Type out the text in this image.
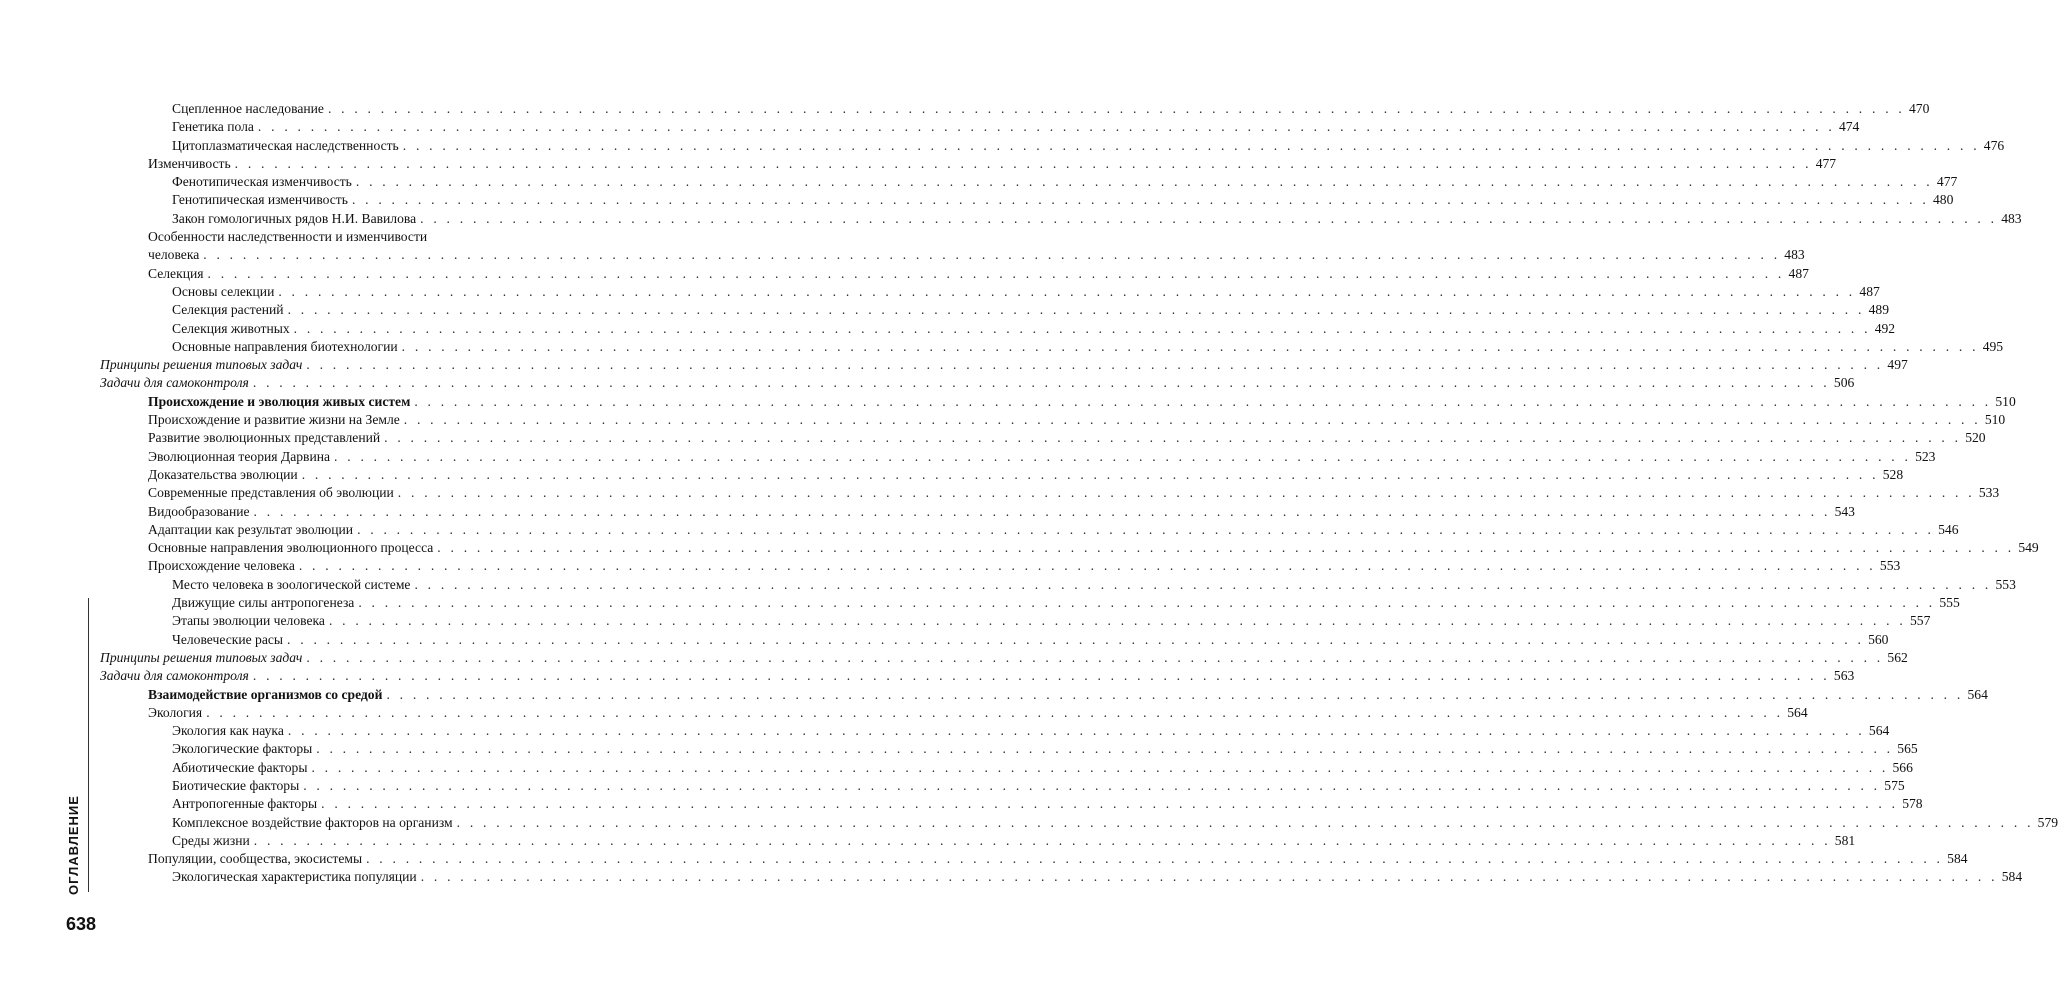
Сцепленное наследование . . . . . . . . . . . . . . . . . . . . . . . . . . . . . . . . . . . . . . . . . . . . . . . . . . . . . . . . . . . . . . . . . . . . . . . . . . . . . . . . . . . . . . . . . . . . . . . . . . . . . . . . . . . . . . . . . . . . . . . . 470
Генетика пола . . . . . . . . . . . . . . . . . . . . . . . . . . . . . . . . . . . . . . . . . . . . . . . . . . . . . . . . . . . . . . . . . . . . . . . . . . . . . . . . . . . . . . . . . . . . . . . . . . . . . . . . . . . . . . . . . . . . . . . . 474
Цитоплазматическая наследственность . . . . . . . . . . . . . . . . . . . . . . . . . . . . . . . . . . . . . . . . . . . . . . . . . . . . . . . . . . . . . . . . . . . . . . . . . . . . . . . . . . . . . . . . . . . . . . . . . . . . . . . . . . . . . . . . . . . . . . . . 476
Изменчивость . . . . . . . . . . . . . . . . . . . . . . . . . . . . . . . . . . . . . . . . . . . . . . . . . . . . . . . . . . . . . . . . . . . . . . . . . . . . . . . . . . . . . . . . . . . . . . . . . . . . . . . . . . . . . . . . . . . . . . . . 477
Фенотипическая изменчивость . . . . . . . . . . . . . . . . . . . . . . . . . . . . . . . . . . . . . . . . . . . . . . . . . . . . . . . . . . . . . . . . . . . . . . . . . . . . . . . . . . . . . . . . . . . . . . . . . . . . . . . . . . . . . . . . . . . . . . . . 477
Генотипическая изменчивость . . . . . . . . . . . . . . . . . . . . . . . . . . . . . . . . . . . . . . . . . . . . . . . . . . . . . . . . . . . . . . . . . . . . . . . . . . . . . . . . . . . . . . . . . . . . . . . . . . . . . . . . . . . . . . . . . . . . . . . . 480
Закон гомологичных рядов Н.И. Вавилова . . . . . . . . . . . . . . . . . . . . . . . . . . . . . . . . . . . . . . . . . . . . . . . . . . . . . . . . . . . . . . . . . . . . . . . . . . . . . . . . . . . . . . . . . . . . . . . . . . . . . . . . . . . . . . . . . . . . . . . . 483
Особенности наследственности и изменчивости
человека . . . . . . . . . . . . . . . . . . . . . . . . . . . . . . . . . . . . . . . . . . . . . . . . . . . . . . . . . . . . . . . . . . . . . . . . . . . . . . . . . . . . . . . . . . . . . . . . . . . . . . . . . . . . . . . . . . . . . . . . 483
Селекция . . . . . . . . . . . . . . . . . . . . . . . . . . . . . . . . . . . . . . . . . . . . . . . . . . . . . . . . . . . . . . . . . . . . . . . . . . . . . . . . . . . . . . . . . . . . . . . . . . . . . . . . . . . . . . . . . . . . . . . . 487
Основы селекции . . . . . . . . . . . . . . . . . . . . . . . . . . . . . . . . . . . . . . . . . . . . . . . . . . . . . . . . . . . . . . . . . . . . . . . . . . . . . . . . . . . . . . . . . . . . . . . . . . . . . . . . . . . . . . . . . . . . . . . . 487
Селекция растений . . . . . . . . . . . . . . . . . . . . . . . . . . . . . . . . . . . . . . . . . . . . . . . . . . . . . . . . . . . . . . . . . . . . . . . . . . . . . . . . . . . . . . . . . . . . . . . . . . . . . . . . . . . . . . . . . . . . . . . . 489
Селекция животных . . . . . . . . . . . . . . . . . . . . . . . . . . . . . . . . . . . . . . . . . . . . . . . . . . . . . . . . . . . . . . . . . . . . . . . . . . . . . . . . . . . . . . . . . . . . . . . . . . . . . . . . . . . . . . . . . . . . . . . . 492
Основные направления биотехнологии . . . . . . . . . . . . . . . . . . . . . . . . . . . . . . . . . . . . . . . . . . . . . . . . . . . . . . . . . . . . . . . . . . . . . . . . . . . . . . . . . . . . . . . . . . . . . . . . . . . . . . . . . . . . . . . . . . . . . . . . 495
Принципы решения типовых задач . . . . . . . . . . . . . . . . . . . . . . . . . . . . . . . . . . . . . . . . . . . . . . . . . . . . . . . . . . . . . . . . . . . . . . . . . . . . . . . . . . . . . . . . . . . . . . . . . . . . . . . . . . . . . . . . . . . . . . . . 497
Задачи для самоконтроля . . . . . . . . . . . . . . . . . . . . . . . . . . . . . . . . . . . . . . . . . . . . . . . . . . . . . . . . . . . . . . . . . . . . . . . . . . . . . . . . . . . . . . . . . . . . . . . . . . . . . . . . . . . . . . . . . . . . . . . . 506
Происхождение и эволюция живых систем . . . . . . . . . . . . . . . . . . . . . . . . . . . . . . . . . . . . . . . . . . . . . . . . . . . . . . . . . . . . . . . . . . . . . . . . . . . . . . . . . . . . . . . . . . . . . . . . . . . . . . . . . . . . . . . . . . . . . . . . 510
Происхождение и развитие жизни на Земле . . . . . . . . . . . . . . . . . . . . . . . . . . . . . . . . . . . . . . . . . . . . . . . . . . . . . . . . . . . . . . . . . . . . . . . . . . . . . . . . . . . . . . . . . . . . . . . . . . . . . . . . . . . . . . . . . . . . . . . . 510
Развитие эволюционных представлений . . . . . . . . . . . . . . . . . . . . . . . . . . . . . . . . . . . . . . . . . . . . . . . . . . . . . . . . . . . . . . . . . . . . . . . . . . . . . . . . . . . . . . . . . . . . . . . . . . . . . . . . . . . . . . . . . . . . . . . . 520
Эволюционная теория Дарвина . . . . . . . . . . . . . . . . . . . . . . . . . . . . . . . . . . . . . . . . . . . . . . . . . . . . . . . . . . . . . . . . . . . . . . . . . . . . . . . . . . . . . . . . . . . . . . . . . . . . . . . . . . . . . . . . . . . . . . . . 523
Доказательства эволюции . . . . . . . . . . . . . . . . . . . . . . . . . . . . . . . . . . . . . . . . . . . . . . . . . . . . . . . . . . . . . . . . . . . . . . . . . . . . . . . . . . . . . . . . . . . . . . . . . . . . . . . . . . . . . . . . . . . . . . . . 528
Современные представления об эволюции . . . . . . . . . . . . . . . . . . . . . . . . . . . . . . . . . . . . . . . . . . . . . . . . . . . . . . . . . . . . . . . . . . . . . . . . . . . . . . . . . . . . . . . . . . . . . . . . . . . . . . . . . . . . . . . . . . . . . . . . 533
Видообразование . . . . . . . . . . . . . . . . . . . . . . . . . . . . . . . . . . . . . . . . . . . . . . . . . . . . . . . . . . . . . . . . . . . . . . . . . . . . . . . . . . . . . . . . . . . . . . . . . . . . . . . . . . . . . . . . . . . . . . . . 543
Адаптации как результат эволюции . . . . . . . . . . . . . . . . . . . . . . . . . . . . . . . . . . . . . . . . . . . . . . . . . . . . . . . . . . . . . . . . . . . . . . . . . . . . . . . . . . . . . . . . . . . . . . . . . . . . . . . . . . . . . . . . . . . . . . . . 546
Основные направления эволюционного процесса . . . . . . . . . . . . . . . . . . . . . . . . . . . . . . . . . . . . . . . . . . . . . . . . . . . . . . . . . . . . . . . . . . . . . . . . . . . . . . . . . . . . . . . . . . . . . . . . . . . . . . . . . . . . . . . . . . . . . . . . 549
Происхождение человека . . . . . . . . . . . . . . . . . . . . . . . . . . . . . . . . . . . . . . . . . . . . . . . . . . . . . . . . . . . . . . . . . . . . . . . . . . . . . . . . . . . . . . . . . . . . . . . . . . . . . . . . . . . . . . . . . . . . . . . . 553
Место человека в зоологической системе . . . . . . . . . . . . . . . . . . . . . . . . . . . . . . . . . . . . . . . . . . . . . . . . . . . . . . . . . . . . . . . . . . . . . . . . . . . . . . . . . . . . . . . . . . . . . . . . . . . . . . . . . . . . . . . . . . . . . . . . 553
Движущие силы антропогенеза . . . . . . . . . . . . . . . . . . . . . . . . . . . . . . . . . . . . . . . . . . . . . . . . . . . . . . . . . . . . . . . . . . . . . . . . . . . . . . . . . . . . . . . . . . . . . . . . . . . . . . . . . . . . . . . . . . . . . . . . 555
Этапы эволюции человека . . . . . . . . . . . . . . . . . . . . . . . . . . . . . . . . . . . . . . . . . . . . . . . . . . . . . . . . . . . . . . . . . . . . . . . . . . . . . . . . . . . . . . . . . . . . . . . . . . . . . . . . . . . . . . . . . . . . . . . . 557
Человеческие расы . . . . . . . . . . . . . . . . . . . . . . . . . . . . . . . . . . . . . . . . . . . . . . . . . . . . . . . . . . . . . . . . . . . . . . . . . . . . . . . . . . . . . . . . . . . . . . . . . . . . . . . . . . . . . . . . . . . . . . . . 560
Принципы решения типовых задач . . . . . . . . . . . . . . . . . . . . . . . . . . . . . . . . . . . . . . . . . . . . . . . . . . . . . . . . . . . . . . . . . . . . . . . . . . . . . . . . . . . . . . . . . . . . . . . . . . . . . . . . . . . . . . . . . . . . . . . . 562
Задачи для самоконтроля . . . . . . . . . . . . . . . . . . . . . . . . . . . . . . . . . . . . . . . . . . . . . . . . . . . . . . . . . . . . . . . . . . . . . . . . . . . . . . . . . . . . . . . . . . . . . . . . . . . . . . . . . . . . . . . . . . . . . . . . 563
Взаимодействие организмов со средой . . . . . . . . . . . . . . . . . . . . . . . . . . . . . . . . . . . . . . . . . . . . . . . . . . . . . . . . . . . . . . . . . . . . . . . . . . . . . . . . . . . . . . . . . . . . . . . . . . . . . . . . . . . . . . . . . . . . . . . . 564
Экология . . . . . . . . . . . . . . . . . . . . . . . . . . . . . . . . . . . . . . . . . . . . . . . . . . . . . . . . . . . . . . . . . . . . . . . . . . . . . . . . . . . . . . . . . . . . . . . . . . . . . . . . . . . . . . . . . . . . . . . . 564
Экология как наука . . . . . . . . . . . . . . . . . . . . . . . . . . . . . . . . . . . . . . . . . . . . . . . . . . . . . . . . . . . . . . . . . . . . . . . . . . . . . . . . . . . . . . . . . . . . . . . . . . . . . . . . . . . . . . . . . . . . . . . . 564
Экологические факторы . . . . . . . . . . . . . . . . . . . . . . . . . . . . . . . . . . . . . . . . . . . . . . . . . . . . . . . . . . . . . . . . . . . . . . . . . . . . . . . . . . . . . . . . . . . . . . . . . . . . . . . . . . . . . . . . . . . . . . . . 565
Абиотические факторы . . . . . . . . . . . . . . . . . . . . . . . . . . . . . . . . . . . . . . . . . . . . . . . . . . . . . . . . . . . . . . . . . . . . . . . . . . . . . . . . . . . . . . . . . . . . . . . . . . . . . . . . . . . . . . . . . . . . . . . . 566
Биотические факторы . . . . . . . . . . . . . . . . . . . . . . . . . . . . . . . . . . . . . . . . . . . . . . . . . . . . . . . . . . . . . . . . . . . . . . . . . . . . . . . . . . . . . . . . . . . . . . . . . . . . . . . . . . . . . . . . . . . . . . . . 575
Антропогенные факторы . . . . . . . . . . . . . . . . . . . . . . . . . . . . . . . . . . . . . . . . . . . . . . . . . . . . . . . . . . . . . . . . . . . . . . . . . . . . . . . . . . . . . . . . . . . . . . . . . . . . . . . . . . . . . . . . . . . . . . . . 578
Комплексное воздействие факторов на организм . . . . . . . . . . . . . . . . . . . . . . . . . . . . . . . . . . . . . . . . . . . . . . . . . . . . . . . . . . . . . . . . . . . . . . . . . . . . . . . . . . . . . . . . . . . . . . . . . . . . . . . . . . . . . . . . . . . . . . . . 579
Среды жизни . . . . . . . . . . . . . . . . . . . . . . . . . . . . . . . . . . . . . . . . . . . . . . . . . . . . . . . . . . . . . . . . . . . . . . . . . . . . . . . . . . . . . . . . . . . . . . . . . . . . . . . . . . . . . . . . . . . . . . . . 581
Популяции, сообщества, экосистемы . . . . . . . . . . . . . . . . . . . . . . . . . . . . . . . . . . . . . . . . . . . . . . . . . . . . . . . . . . . . . . . . . . . . . . . . . . . . . . . . . . . . . . . . . . . . . . . . . . . . . . . . . . . . . . . . . . . . . . . . 584
Экологическая характеристика популяции . . . . . . . . . . . . . . . . . . . . . . . . . . . . . . . . . . . . . . . . . . . . . . . . . . . . . . . . . . . . . . . . . . . . . . . . . . . . . . . . . . . . . . . . . . . . . . . . . . . . . . . . . . . . . . . . . . . . . . . . 584
ОГЛАВЛЕНИЕ
638
